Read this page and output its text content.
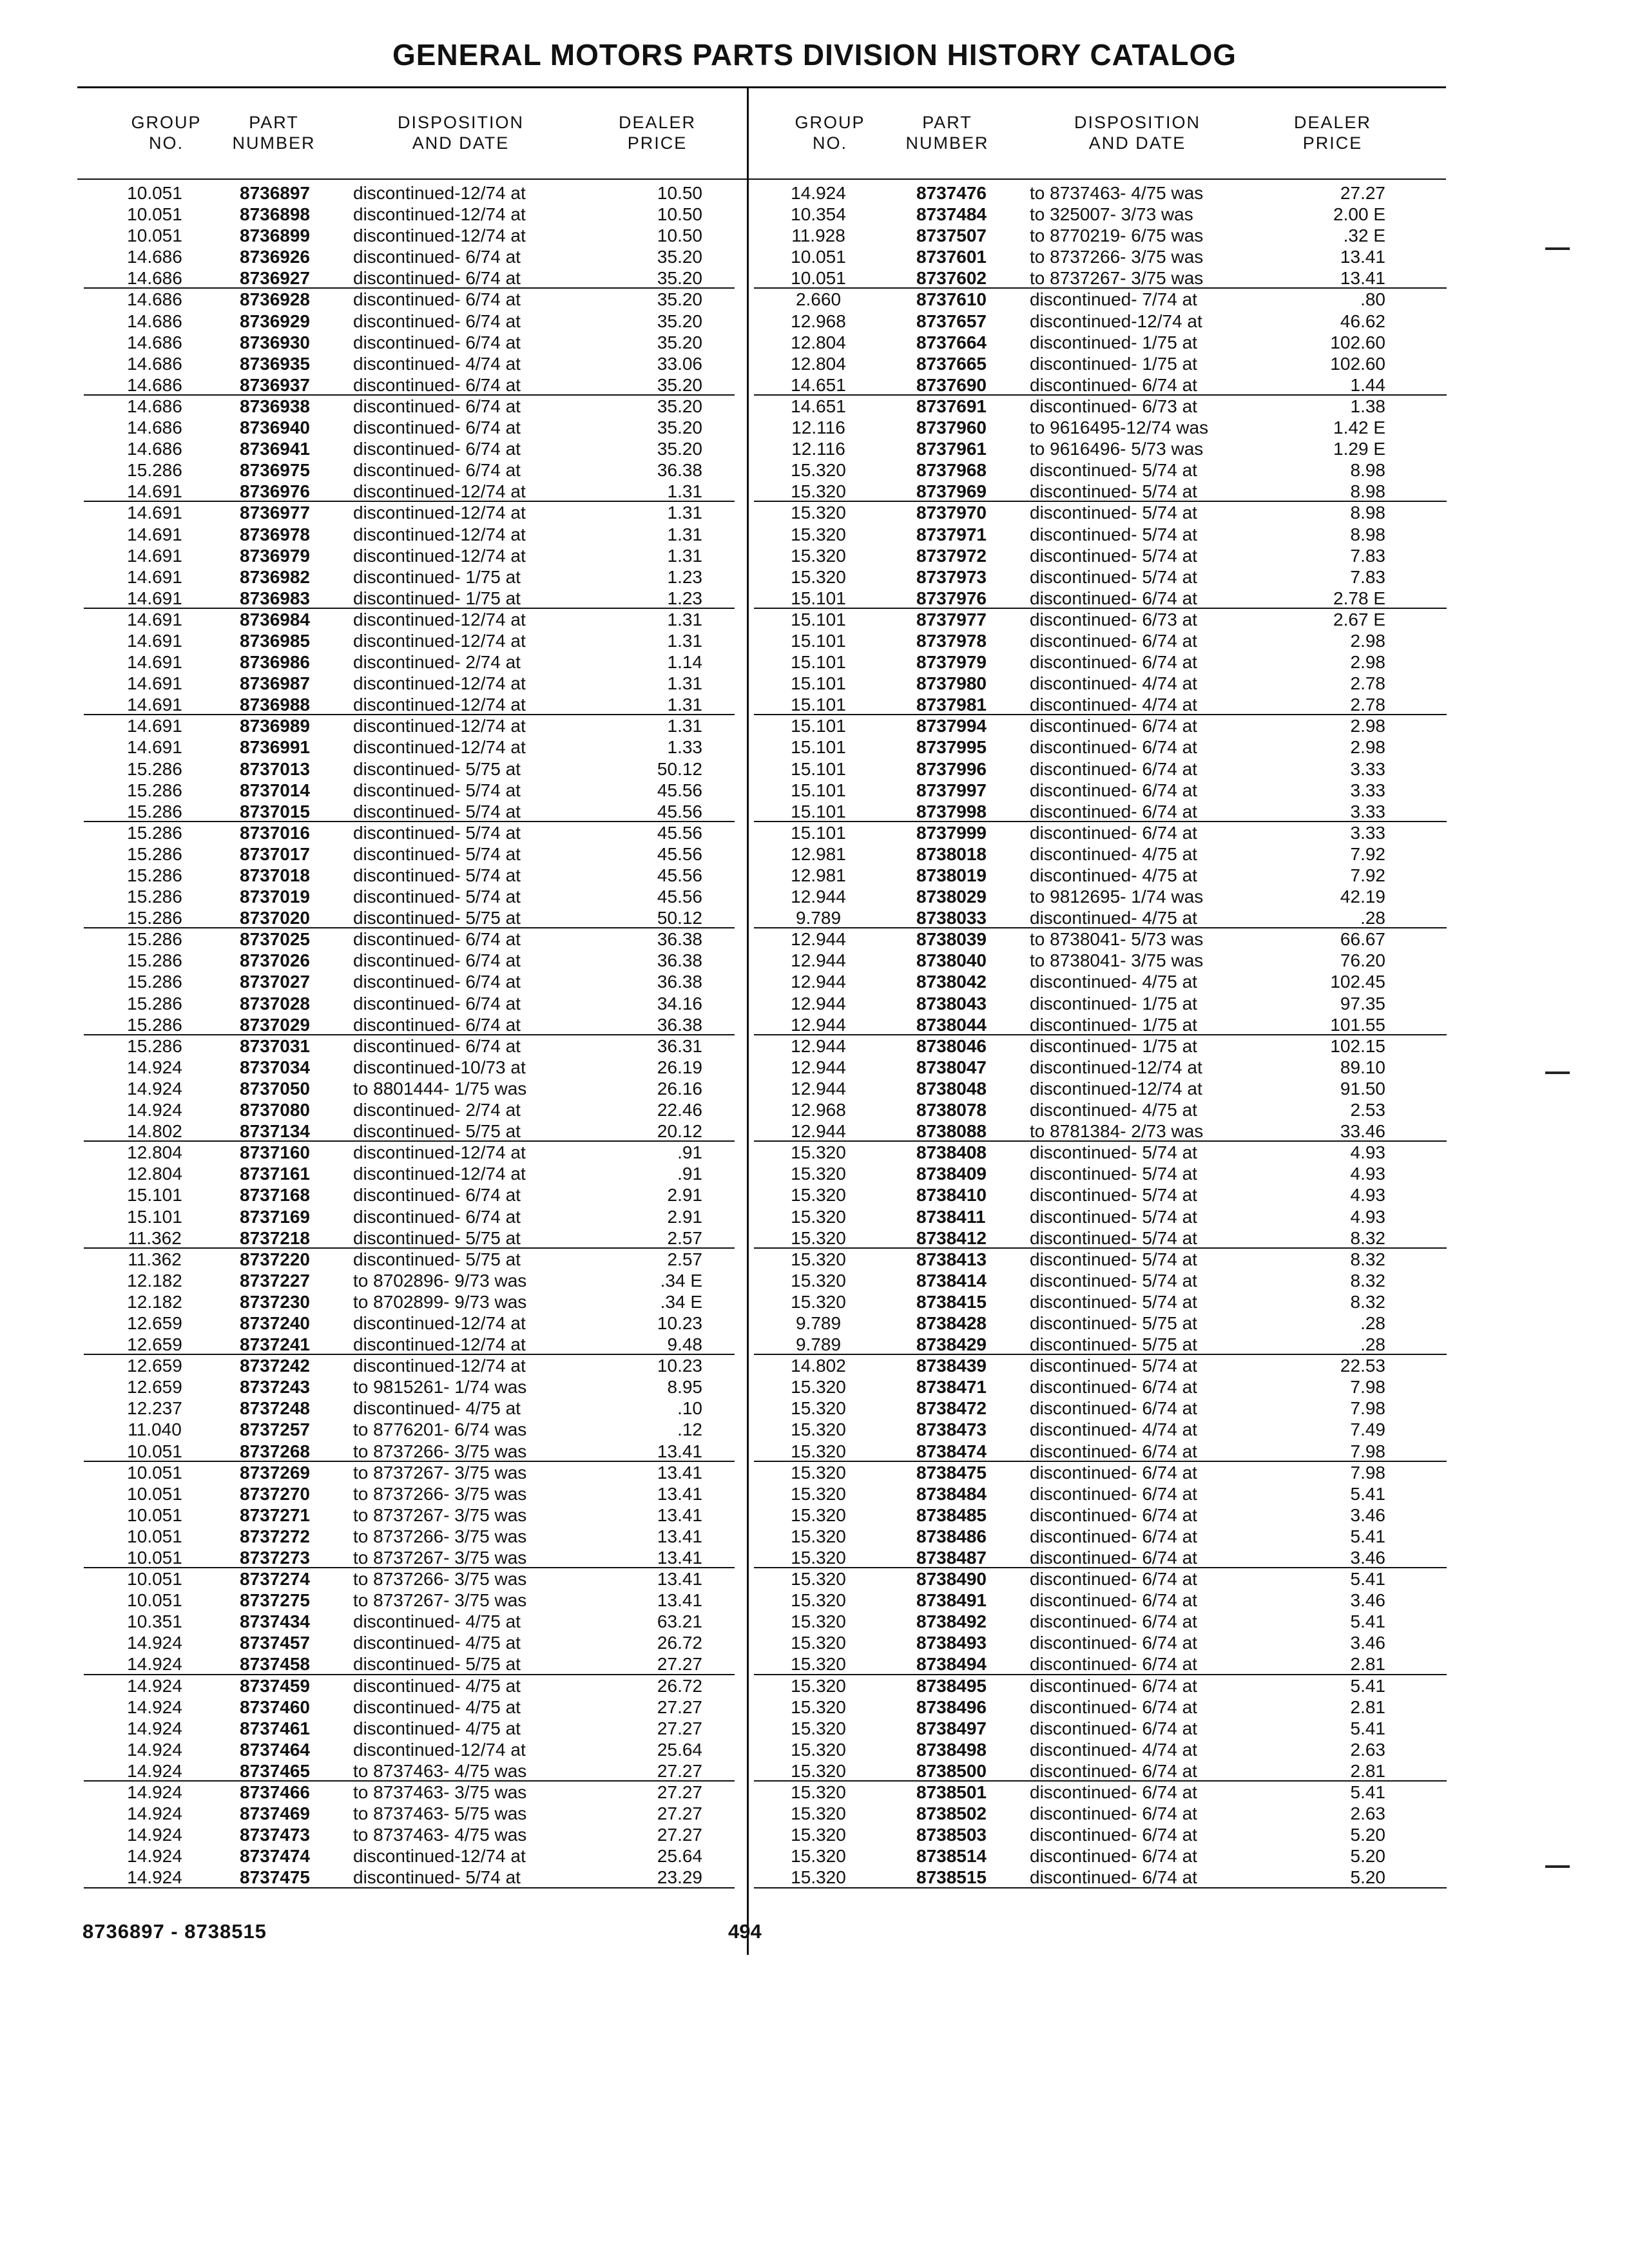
GENERAL MOTORS PARTS DIVISION HISTORY CATALOG
GROUP
NO.
PART
NUMBER
DISPOSITION
AND DATE
DEALER
PRICE
GROUP
NO.
PART
NUMBER
DISPOSITION
AND DATE
DEALER
PRICE
10.051	8736897 discontinued-12/74 at	10.50
10.051	8736898 discontinued-12/74 at	10.50
10.051	8736899 discontinued-12/74 at	10.50
14.686	8736926 discontinued- 6/74 at	35.20
14.686	8736927 discontinued- 6/74 at	35.20
14.686	8736928 discontinued- 6/74 at	35.20
14.686	8736929 discontinued- 6/74 at	35.20
14.686	8736930 discontinued- 6/74 at	35.20
14.686	8736935 discontinued- 4/74 at	33.06
14.686	8736937 discontinued- 6/74 at	35.20
14.686	8736938 discontinued- 6/74 at	35.20
14.686	8736940 discontinued- 6/74 at	35.20
14.686	8736941 discontinued- 6/74 at	35.20
15.286	8736975 discontinued- 6/74 at	36.38
14.691	8736976 discontinued-12/74 at	1.31
14.691	8736977 discontinued-12/74 at	1.31
14.691	8736978 discontinued-12/74 at	1.31
14.691	8736979 discontinued-12/74 at	1.31
14.691	8736982 discontinued- 1/75 at	1.23
14.691	8736983 discontinued- 1/75 at	1.23
14.691	8736984 discontinued-12/74 at	1.31
14.691	8736985 discontinued-12/74 at	1.31
14.691	8736986 discontinued- 2/74 at	1.14
14.691	8736987 discontinued-12/74 at	1.31
14.691	8736988 discontinued-12/74 at	1.31
14.691	8736989 discontinued-12/74 at	1.31
14.691	8736991 discontinued-12/74 at	1.33
15.286	8737013 discontinued- 5/75 at	50.12
15.286	8737014 discontinued- 5/74 at	45.56
15.286	8737015 discontinued- 5/74 at	45.56
15.286	8737016 discontinued- 5/74 at	45.56
15.286	8737017 discontinued- 5/74 at	45.56
15.286	8737018 discontinued- 5/74 at	45.56
15.286	8737019 discontinued- 5/74 at	45.56
15.286	8737020 discontinued- 5/75 at	50.12
15.286	8737025 discontinued- 6/74 at	36.38
15.286	8737026 discontinued- 6/74 at	36.38
15.286	8737027 discontinued- 6/74 at	36.38
15.286	8737028 discontinued- 6/74 at	34.16
15.286	8737029 discontinued- 6/74 at	36.38
15.286	8737031 discontinued- 6/74 at	36.31
14.924	8737034 discontinued-10/73 at	26.19
14.924	8737050 to 8801444- 1/75 was	26.16
14.924	8737080 discontinued- 2/74 at	22.46
14.802	8737134 discontinued- 5/75 at	20.12
12.804	8737160 discontinued-12/74 at	.91
12.804	8737161 discontinued-12/74 at	.91
15.101	8737168 discontinued- 6/74 at	2.91
15.101	8737169 discontinued- 6/74 at	2.91
11.362	8737218 discontinued- 5/75 at	2.57
11.362	8737220 discontinued- 5/75 at	2.57
12.182	8737227 to 8702896- 9/73 was	.34 E
12.182	8737230 to 8702899- 9/73 was	.34 E
12.659	8737240 discontinued-12/74 at	10.23
12.659	8737241 discontinued-12/74 at	9.48
12.659	8737242 discontinued-12/74 at	10.23
12.659	8737243 to 9815261- 1/74 was	8.95
12.237	8737248 discontinued- 4/75 at	.10
11.040	8737257 to 8776201- 6/74 was	.12
10.051	8737268 to 8737266- 3/75 was	13.41
10.051	8737269 to 8737267- 3/75 was	13.41
10.051	8737270 to 8737266- 3/75 was	13.41
10.051	8737271 to 8737267- 3/75 was	13.41
10.051	8737272 to 8737266- 3/75 was	13.41
10.051	8737273 to 8737267- 3/75 was	13.41
10.051	8737274 to 8737266- 3/75 was	13.41
10.051	8737275 to 8737267- 3/75 was	13.41
10.351	8737434 discontinued- 4/75 at	63.21
14.924	8737457 discontinued- 4/75 at	26.72
14.924	8737458 discontinued- 5/75 at	27.27
14.924	8737459 discontinued- 4/75 at	26.72
14.924	8737460 discontinued- 4/75 at	27.27
14.924	8737461 discontinued- 4/75 at	27.27
14.924	8737464 discontinued-12/74 at	25.64
14.924	8737465 to 8737463- 4/75 was	27.27
14.924	8737466 to 8737463- 3/75 was	27.27
14.924	8737469 to 8737463- 5/75 was	27.27
14.924	8737473 to 8737463- 4/75 was	27.27
14.924	8737474 discontinued-12/74 at	25.64
14.924	8737475 discontinued- 5/74 at	23.29
14.924	8737476 to 8737463- 4/75 was	27.27
10.354	8737484 to 325007- 3/73 was	2.00 E
11.928	8737507 to 8770219- 6/75 was	.32 E
10.051	8737601 to 8737266- 3/75 was	13.41
10.051	8737602 to 8737267- 3/75 was	13.41
2.660	8737610 discontinued- 7/74 at	.80
12.968	8737657 discontinued-12/74 at	46.62
12.804	8737664 discontinued- 1/75 at	102.60
12.804	8737665 discontinued- 1/75 at	102.60
14.651	8737690 discontinued- 6/74 at	1.44
14.651	8737691 discontinued- 6/73 at	1.38
12.116	8737960 to 9616495-12/74 was	1.42 E
12.116	8737961 to 9616496- 5/73 was	1.29 E
15.320	8737968 discontinued- 5/74 at	8.98
15.320	8737969 discontinued- 5/74 at	8.98
15.320	8737970 discontinued- 5/74 at	8.98
15.320	8737971 discontinued- 5/74 at	8.98
15.320	8737972 discontinued- 5/74 at	7.83
15.320	8737973 discontinued- 5/74 at	7.83
15.101	8737976 discontinued- 6/74 at	2.78 E
15.101	8737977 discontinued- 6/73 at	2.67 E
15.101	8737978 discontinued- 6/74 at	2.98
15.101	8737979 discontinued- 6/74 at	2.98
15.101	8737980 discontinued- 4/74 at	2.78
15.101	8737981 discontinued- 4/74 at	2.78
15.101	8737994 discontinued- 6/74 at	2.98
15.101	8737995 discontinued- 6/74 at	2.98
15.101	8737996 discontinued- 6/74 at	3.33
15.101	8737997 discontinued- 6/74 at	3.33
15.101	8737998 discontinued- 6/74 at	3.33
15.101	8737999 discontinued- 6/74 at	3.33
12.981	8738018 discontinued- 4/75 at	7.92
12.981	8738019 discontinued- 4/75 at	7.92
12.944	8738029 to 9812695- 1/74 was	42.19
9.789	8738033 discontinued- 4/75 at	.28
12.944	8738039 to 8738041- 5/73 was	66.67
12.944	8738040 to 8738041- 3/75 was	76.20
12.944	8738042 discontinued- 4/75 at	102.45
12.944	8738043 discontinued- 1/75 at	97.35
12.944	8738044 discontinued- 1/75 at	101.55
12.944	8738046 discontinued- 1/75 at	102.15
12.944	8738047 discontinued-12/74 at	89.10
12.944	8738048 discontinued-12/74 at	91.50
12.968	8738078 discontinued- 4/75 at	2.53
12.944	8738088 to 8781384- 2/73 was	33.46
15.320	8738408 discontinued- 5/74 at	4.93
15.320	8738409 discontinued- 5/74 at	4.93
15.320	8738410 discontinued- 5/74 at	4.93
15.320	8738411 discontinued- 5/74 at	4.93
15.320	8738412 discontinued- 5/74 at	8.32
15.320	8738413 discontinued- 5/74 at	8.32
15.320	8738414 discontinued- 5/74 at	8.32
15.320	8738415 discontinued- 5/74 at	8.32
9.789	8738428 discontinued- 5/75 at	.28
9.789	8738429 discontinued- 5/75 at	.28
14.802	8738439 discontinued- 5/74 at	22.53
15.320	8738471 discontinued- 6/74 at	7.98
15.320	8738472 discontinued- 6/74 at	7.98
15.320	8738473 discontinued- 4/74 at	7.49
15.320	8738474 discontinued- 6/74 at	7.98
15.320	8738475 discontinued- 6/74 at	7.98
15.320	8738484 discontinued- 6/74 at	5.41
15.320	8738485 discontinued- 6/74 at	3.46
15.320	8738486 discontinued- 6/74 at	5.41
15.320	8738487 discontinued- 6/74 at	3.46
15.320	8738490 discontinued- 6/74 at	5.41
15.320	8738491 discontinued- 6/74 at	3.46
15.320	8738492 discontinued- 6/74 at	5.41
15.320	8738493 discontinued- 6/74 at	3.46
15.320	8738494 discontinued- 6/74 at	2.81
15.320	8738495 discontinued- 6/74 at	5.41
15.320	8738496 discontinued- 6/74 at	2.81
15.320	8738497 discontinued- 6/74 at	5.41
15.320	8738498 discontinued- 4/74 at	2.63
15.320	8738500 discontinued- 6/74 at	2.81
15.320	8738501 discontinued- 6/74 at	5.41
15.320	8738502 discontinued- 6/74 at	2.63
15.320	8738503 discontinued- 6/74 at	5.20
15.320	8738514 discontinued- 6/74 at	5.20
15.320	8738515 discontinued- 6/74 at	5.20
8736897 - 8738515	494
